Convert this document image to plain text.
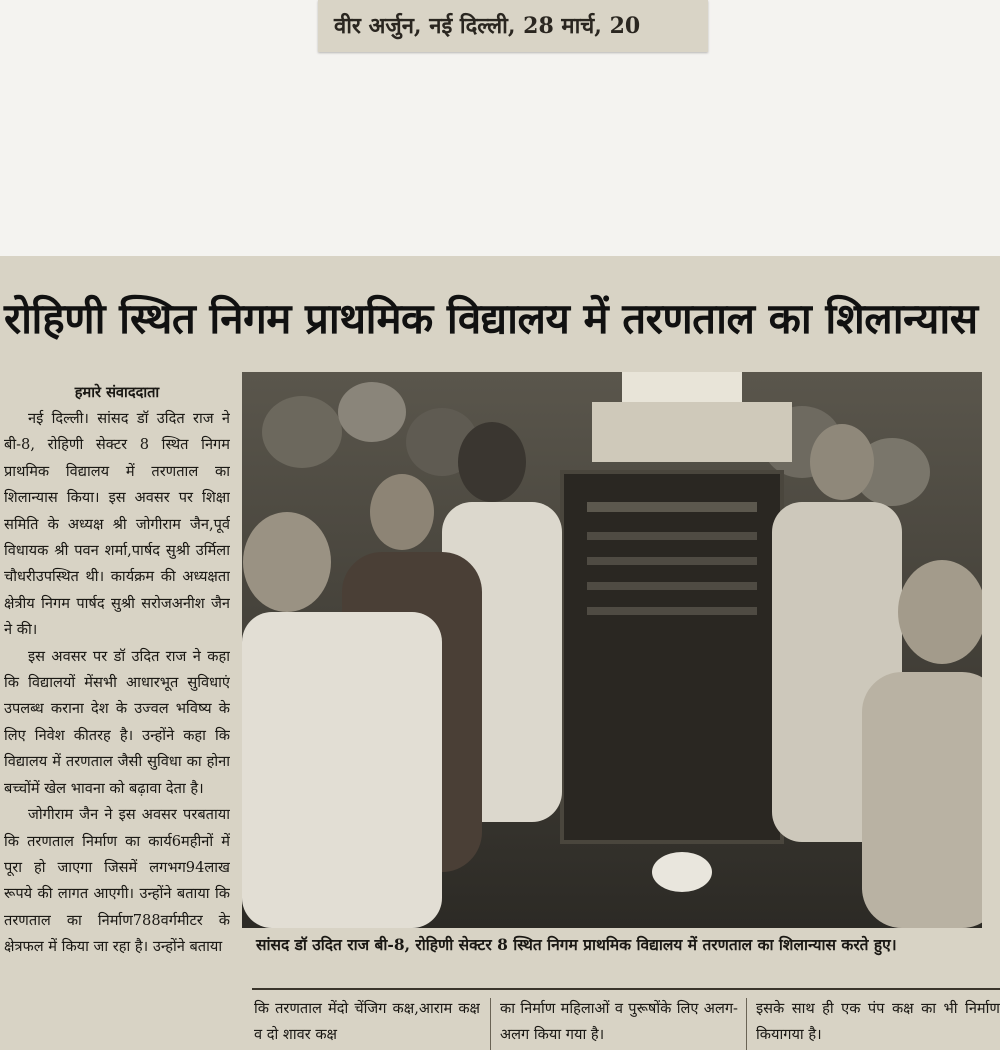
वीर अर्जुन, नई दिल्ली, 28 मार्च, 20
रोहिणी स्थित निगम प्राथमिक विद्यालय में तरणताल का शिलान्यास
हमारे संवाददाता
नई दिल्ली। सांसद डॉ उदित राज ने बी-8, रोहिणी सेक्टर 8 स्थित निगम प्राथमिक विद्यालय में तरणताल का शिलान्यास किया। इस अवसर पर शिक्षा समिति के अध्यक्ष श्री जोगीराम जैन,पूर्व विधायक श्री पवन शर्मा,पार्षद सुश्री उर्मिला चौधरीउपस्थित थी। कार्यक्रम की अध्यक्षता क्षेत्रीय निगम पार्षद सुश्री सरोजअनीश जैन ने की।
इस अवसर पर डॉ उदित राज ने कहा कि विद्यालयों मेंसभी आधारभूत सुविधाएं उपलब्ध कराना देश के उज्वल भविष्य के लिए निवेश कीतरह है। उन्होंने कहा कि विद्यालय में तरणताल जैसी सुविधा का होना बच्चोंमें खेल भावना को बढ़ावा देता है।
जोगीराम जैन ने इस अवसर परबताया कि तरणताल निर्माण का कार्य6महीनों में पूरा हो जाएगा जिसमें लगभग94लाख रूपये की लागत आएगी। उन्होंने बताया कि तरणताल का निर्माण788वर्गमीटर के क्षेत्रफल में किया जा रहा है। उन्होंने बताया	सांसद डॉ उदित राज बी-8, रोहिणी सेक्टर 8 स्थित निगम प्राथमिक विद्यालय में तरणताल का शिलान्यास करते हुए।
कि तरणताल मेंदो चेंजिग कक्ष,आराम कक्ष व दो शावर कक्ष
का निर्माण महिलाओं व पुरूषोंके लिए अलग-अलग किया गया है।
इसके साथ ही एक पंप कक्ष का भी निर्माण कियागया है।
